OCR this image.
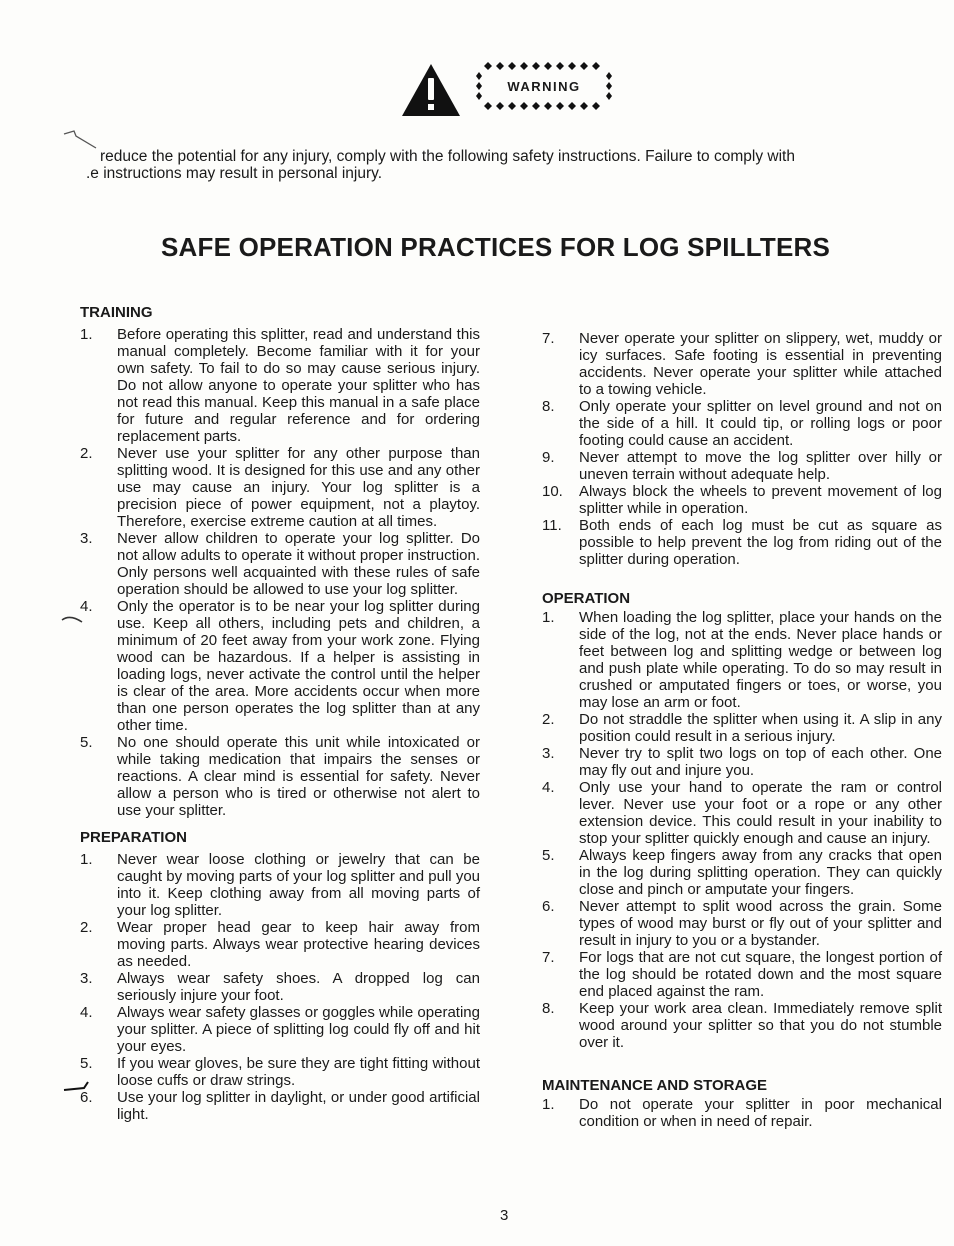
WARNING
reduce the potential for any injury, comply with the following safety instructions. Failure to comply with
.e instructions may result in personal injury.
SAFE OPERATION PRACTICES FOR LOG SPILLTERS
TRAINING
1.	Before operating this splitter, read and understand this manual completely. Become familiar with it for your own safety. To fail to do so may cause serious injury. Do not allow anyone to operate your splitter who has not read this manual. Keep this manual in a safe place for future and regular reference and for ordering replacement parts.
2.	Never use your splitter for any other purpose than splitting wood. It is designed for this use and any other use may cause an injury. Your log splitter is a precision piece of power equipment, not a playtoy. Therefore, exercise extreme caution at all times.
3.	Never allow children to operate your log splitter. Do not allow adults to operate it without proper instruction. Only persons well acquainted with these rules of safe operation should be allowed to use your log splitter.
4.	Only the operator is to be near your log splitter during use. Keep all others, including pets and children, a minimum of 20 feet away from your work zone. Flying wood can be hazardous. If a helper is assisting in loading logs, never activate the control until the helper is clear of the area. More accidents occur when more than one person operates the log splitter than at any other time.
5.	No one should operate this unit while intoxicated or while taking medication that impairs the senses or reactions. A clear mind is essential for safety. Never allow a person who is tired or otherwise not alert to use your splitter.
PREPARATION
1.	Never wear loose clothing or jewelry that can be caught by moving parts of your log splitter and pull you into it. Keep clothing away from all moving parts of your log splitter.
2.	Wear proper head gear to keep hair away from moving parts. Always wear protective hearing devices as needed.
3.	Always wear safety shoes. A dropped log can seriously injure your foot.
4.	Always wear safety glasses or goggles while operating your splitter. A piece of splitting log could fly off and hit your eyes.
5.	If you wear gloves, be sure they are tight fitting without loose cuffs or draw strings.
6.	Use your log splitter in daylight, or under good artificial light.
7.	Never operate your splitter on slippery, wet, muddy or icy surfaces. Safe footing is essential in preventing accidents. Never operate your splitter while attached to a towing vehicle.
8.	Only operate your splitter on level ground and not on the side of a hill. It could tip, or rolling logs or poor footing could cause an accident.
9.	Never attempt to move the log splitter over hilly or uneven terrain without adequate help.
10.	Always block the wheels to prevent movement of log splitter while in operation.
11.	Both ends of each log must be cut as square as possible to help prevent the log from riding out of the splitter during operation.
OPERATION
1.	When loading the log splitter, place your hands on the side of the log, not at the ends. Never place hands or feet between log and splitting wedge or between log and push plate while operating. To do so may result in crushed or amputated fingers or toes, or worse, you may lose an arm or foot.
2.	Do not straddle the splitter when using it. A slip in any position could result in a serious injury.
3.	Never try to split two logs on top of each other. One may fly out and injure you.
4.	Only use your hand to operate the ram or control lever. Never use your foot or a rope or any other extension device. This could result in your inability to stop your splitter quickly enough and cause an injury.
5.	Always keep fingers away from any cracks that open in the log during splitting operation. They can quickly close and pinch or amputate your fingers.
6.	Never attempt to split wood across the grain. Some types of wood may burst or fly out of your splitter and result in injury to you or a bystander.
7.	For logs that are not cut square, the longest portion of the log should be rotated down and the most square end placed against the ram.
8.	Keep your work area clean. Immediately remove split wood around your splitter so that you do not stumble over it.
MAINTENANCE AND STORAGE
1.	Do not operate your splitter in poor mechanical condition or when in need of repair.
3
